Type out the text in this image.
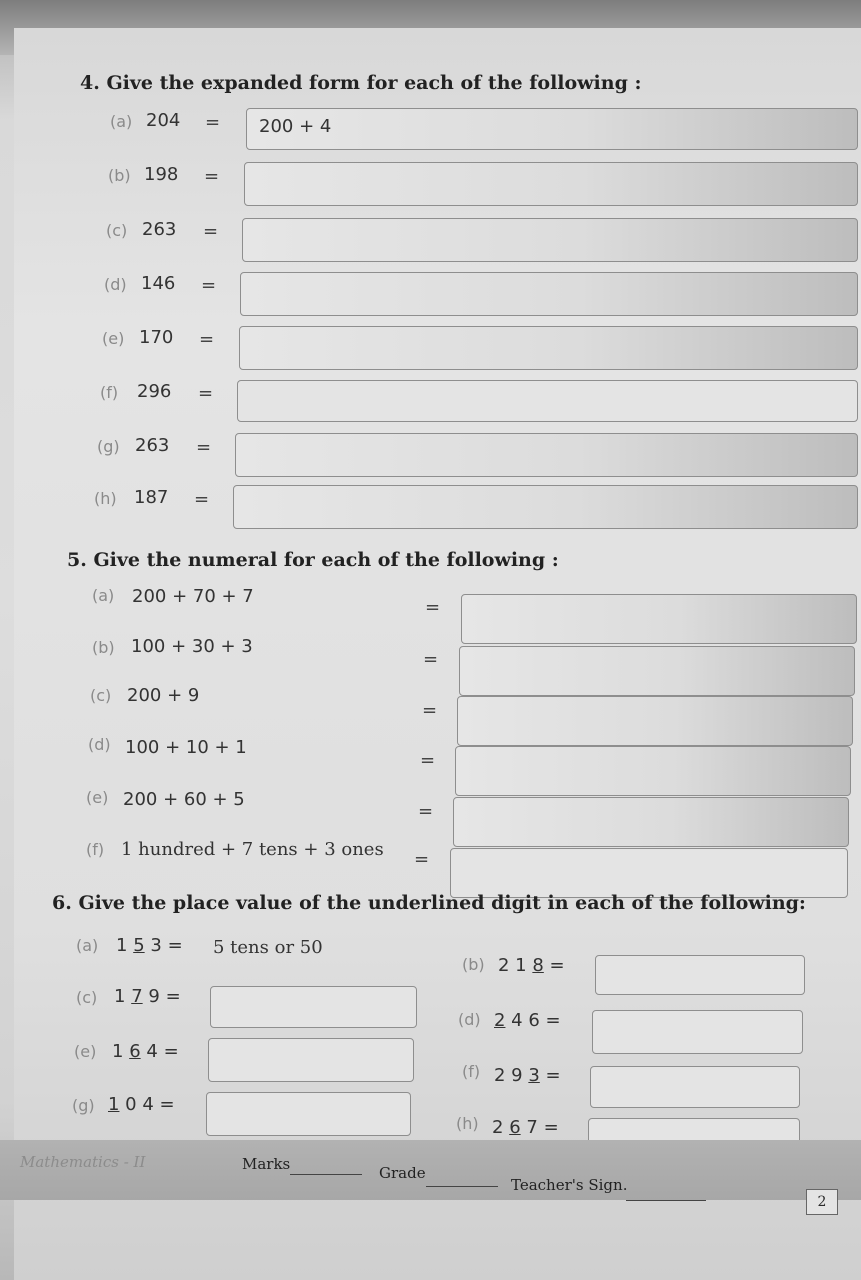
4. Give the expanded form for each of the following :
(a) 204 = 200 + 4
(b) 198 =
(c) 263 =
(d) 146 =
(e) 170 =
(f) 296 =
(g) 263 =
(h) 187 =
5. Give the numeral for each of the following :
(a) 200 + 70 + 7
=
(b) 100 + 30 + 3
=
(c) 200 + 9
=
(d) 100 + 10 + 1
=
(e) 200 + 60 + 5
=
(f) 1 hundred + 7 tens + 3 ones =
6. Give the place value of the underlined digit in each of the following:
(a) 1 5 3 = 5 tens or 50
(b) 2 1 8 =
(c) 1 7 9 =
(d) 2 4 6 =
(e) 1 6 4 =
(f) 2 9 3 =
(g) 1 0 4 =
(h) 2 6 7 =
Mathematics - II	Marks	Grade
Teacher's Sign.
2
